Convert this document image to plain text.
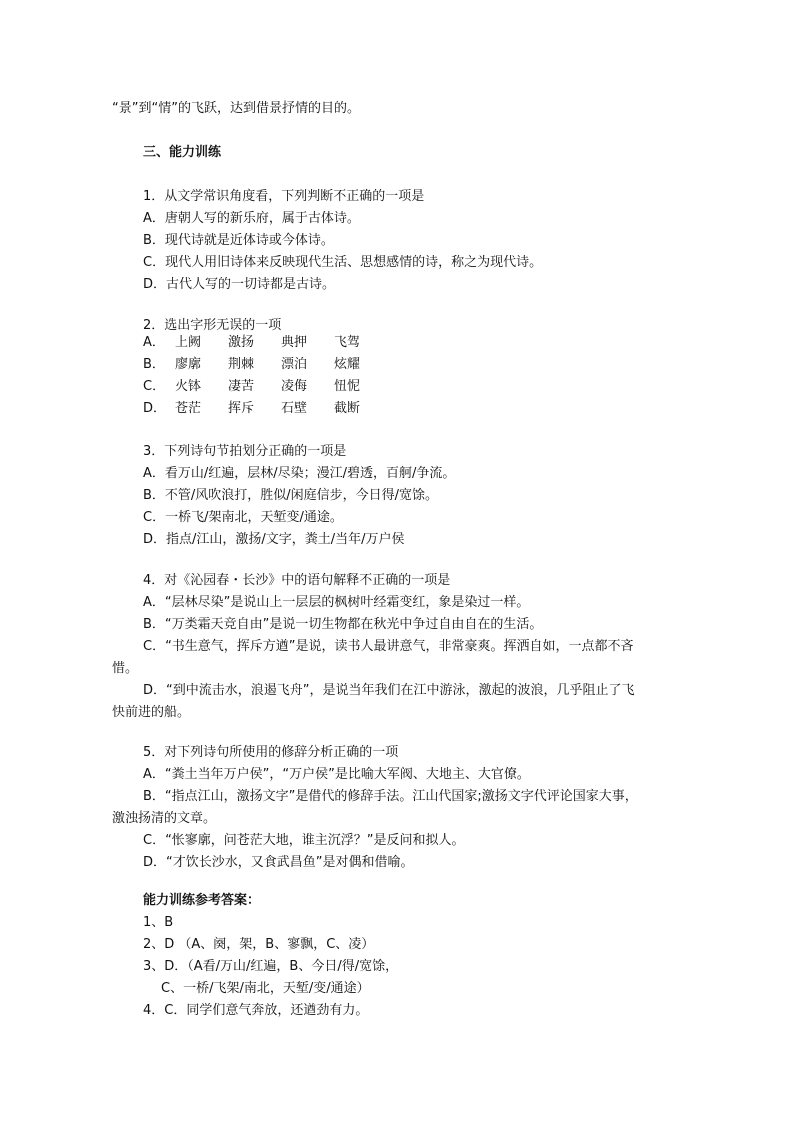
“景”到“情”的飞跃，达到借景抒情的目的。
三、能力训练
1．从文学常识角度看，下列判断不正确的一项是
A．唐朝人写的新乐府，属于古体诗。
B．现代诗就是近体诗或今体诗。
C．现代人用旧诗体来反映现代生活、思想感情的诗，称之为现代诗。
D．古代人写的一切诗都是古诗。
2．选出字形无误的一项
A． 上阙	激扬	典押	飞驾
B． 廖廓	荆棘	漂泊	炫耀
C． 火钵	凄苦	凌侮	忸怩
D． 苍茫	挥斥	石壁	截断
3．下列诗句节拍划分正确的一项是
A．看万山/红遍，层林/尽染；漫江/碧透，百舸/争流。
B．不管/风吹浪打，胜似/闲庭信步，今日得/宽馀。
C．一桥飞/架南北，天堑变/通途。
D．指点/江山，激扬/文字，粪土/当年/万户侯
4．对《沁园春・长沙》中的语句解释不正确的一项是
A．“层林尽染”是说山上一层层的枫树叶经霜变红，象是染过一样。
B．“万类霜天竞自由”是说一切生物都在秋光中争过自由自在的生活。
C．“书生意气，挥斥方遒”是说，读书人最讲意气，非常豪爽。挥洒自如，一点都不吝
惜。
D．“到中流击水，浪遏飞舟”，是说当年我们在江中游泳，激起的波浪，几乎阻止了飞
快前进的船。
5．对下列诗句所使用的修辞分析正确的一项
A．“粪土当年万户侯”，“万户侯”是比喻大军阀、大地主、大官僚。
B．“指点江山，激扬文字”是借代的修辞手法。江山代国家;激扬文字代评论国家大事，
激浊扬清的文章。
C．“怅寥廓，问苍茫大地，谁主沉浮？”是反问和拟人。
D．“才饮长沙水，又食武昌鱼”是对偶和借喻。
能力训练参考答案：
1、B
2、D （A、阕，架，B、寥飘，C、凌）
3、D．（A看/万山/红遍，B、今日/得/宽馀，
C、一桥/飞架/南北，天堑/变/通途）
4．C．同学们意气奔放，还遒劲有力。
